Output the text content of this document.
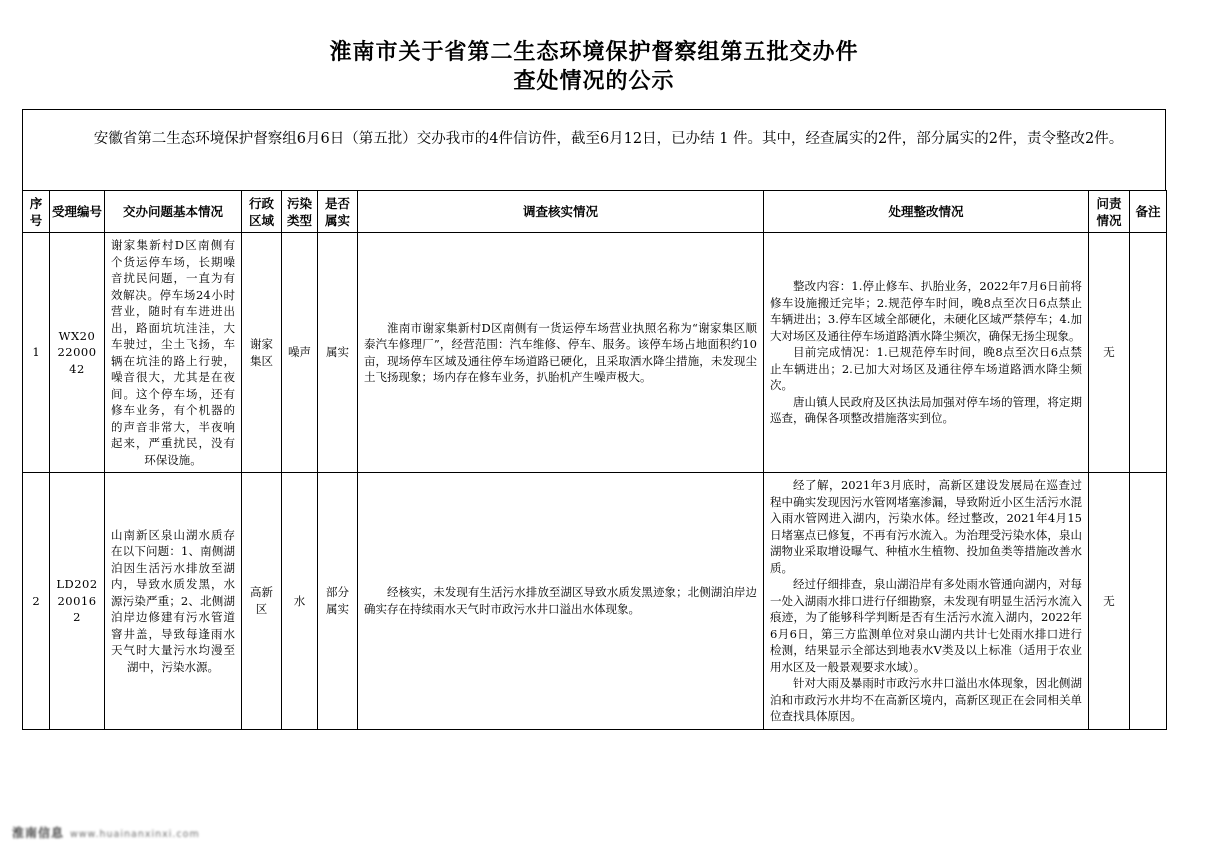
淮南市关于省第二生态环境保护督察组第五批交办件
查处情况的公示

安徽省第二生态环境保护督察组6月6日（第五批）交办我市的4件信访件，截至6月12日，已办结 1 件。其中，经查属实的2件，部分属实的2件，责令整改2件。

序号	受理编号	交办问题基本情况	行政区域	污染类型	是否属实	调查核实情况	处理整改情况	问责情况	备注
1	WX202200042	谢家集新村D区南侧有个货运停车场，长期噪音扰民问题，一直为有效解决。停车场24小时营业，随时有车进进出出，路面坑坑洼洼，大车驶过，尘土飞扬，车辆在坑洼的路上行驶，噪音很大，尤其是在夜间。这个停车场，还有修车业务，有个机器的的声音非常大，半夜响起来，严重扰民，没有环保设施。	谢家集区	噪声	属实	淮南市谢家集新村D区南侧有一货运停车场营业执照名称为“谢家集区顺泰汽车修理厂”，经营范围：汽车维修、停车、服务。该停车场占地面积约10亩，现场停车区域及通往停车场道路已硬化，且采取洒水降尘措施，未发现尘土飞扬现象；场内存在修车业务，扒胎机产生噪声极大。	整改内容：1.停止修车、扒胎业务，2022年7月6日前将修车设施搬迁完毕；2.规范停车时间，晚8点至次日6点禁止车辆进出；3.停车区域全部硬化，未硬化区域严禁停车；4.加大对场区及通往停车场道路洒水降尘频次，确保无扬尘现象。

目前完成情况：1.已规范停车时间，晚8点至次日6点禁止车辆进出；2.已加大对场区及通往停车场道路洒水降尘频次。

唐山镇人民政府及区执法局加强对停车场的管理，将定期巡查，确保各项整改措施落实到位。	无	
2	LD202200162	山南新区泉山湖水质存在以下问题：1、南侧湖泊因生活污水排放至湖内，导致水质发黑，水源污染严重；2、北侧湖泊岸边修建有污水管道窨井盖，导致每逢雨水天气时大量污水均漫至湖中，污染水源。	高新区	水	部分属实	经核实，未发现有生活污水排放至湖区导致水质发黑迹象；北侧湖泊岸边确实存在持续雨水天气时市政污水井口溢出水体现象。	经了解，2021年3月底时，高新区建设发展局在巡查过程中确实发现因污水管网堵塞渗漏，导致附近小区生活污水混入雨水管网进入湖内，污染水体。经过整改，2021年4月15日堵塞点已修复，不再有污水流入。为治理受污染水体，泉山湖物业采取增设曝气、种植水生植物、投加鱼类等措施改善水质。

经过仔细排查，泉山湖沿岸有多处雨水管通向湖内，对每一处入湖雨水排口进行仔细勘察，未发现有明显生活污水流入痕迹，为了能够科学判断是否有生活污水流入湖内，2022年6月6日，第三方监测单位对泉山湖内共计七处雨水排口进行检测，结果显示全部达到地表水Ⅴ类及以上标准（适用于农业用水区及一般景观要求水域）。

针对大雨及暴雨时市政污水井口溢出水体现象，因北侧湖泊和市政污水井均不在高新区境内，高新区现正在会同相关单位查找具体原因。	无	
淮南信息 www.huainanxinxi.com
